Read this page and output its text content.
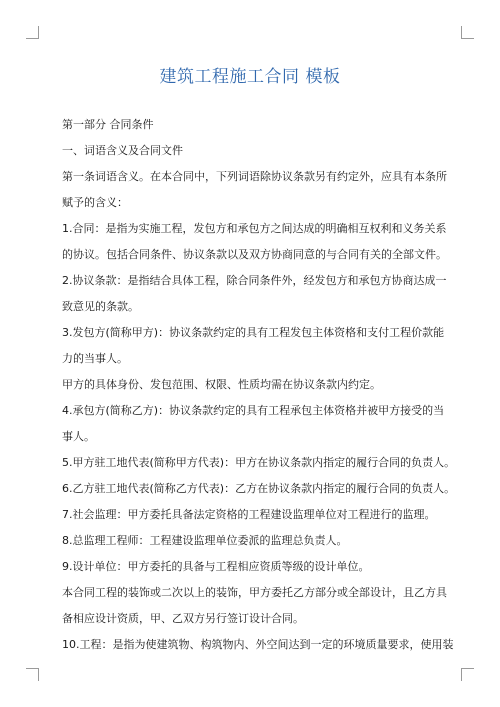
建筑工程施工合同 模板
第一部分 合同条件
一、词语含义及合同文件
第一条词语含义。在本合同中，下列词语除协议条款另有约定外，应具有本条所
赋予的含义：
1.合同：是指为实施工程，发包方和承包方之间达成的明确相互权利和义务关系
的协议。包括合同条件、协议条款以及双方协商同意的与合同有关的全部文件。
2.协议条款：是指结合具体工程，除合同条件外，经发包方和承包方协商达成一
致意见的条款。
3.发包方(简称甲方)：协议条款约定的具有工程发包主体资格和支付工程价款能
力的当事人。
甲方的具体身份、发包范围、权限、性质均需在协议条款内约定。
4.承包方(简称乙方)：协议条款约定的具有工程承包主体资格并被甲方接受的当
事人。
5.甲方驻工地代表(简称甲方代表)：甲方在协议条款内指定的履行合同的负责人。
6.乙方驻工地代表(简称乙方代表)：乙方在协议条款内指定的履行合同的负责人。
7.社会监理：甲方委托具备法定资格的工程建设监理单位对工程进行的监理。
8.总监理工程师：工程建设监理单位委派的监理总负责人。
9.设计单位：甲方委托的具备与工程相应资质等级的设计单位。
本合同工程的装饰或二次以上的装饰，甲方委托乙方部分或全部设计，且乙方具
备相应设计资质，甲、乙双方另行签订设计合同。
10.工程：是指为使建筑物、构筑物内、外空间达到一定的环境质量要求，使用装
